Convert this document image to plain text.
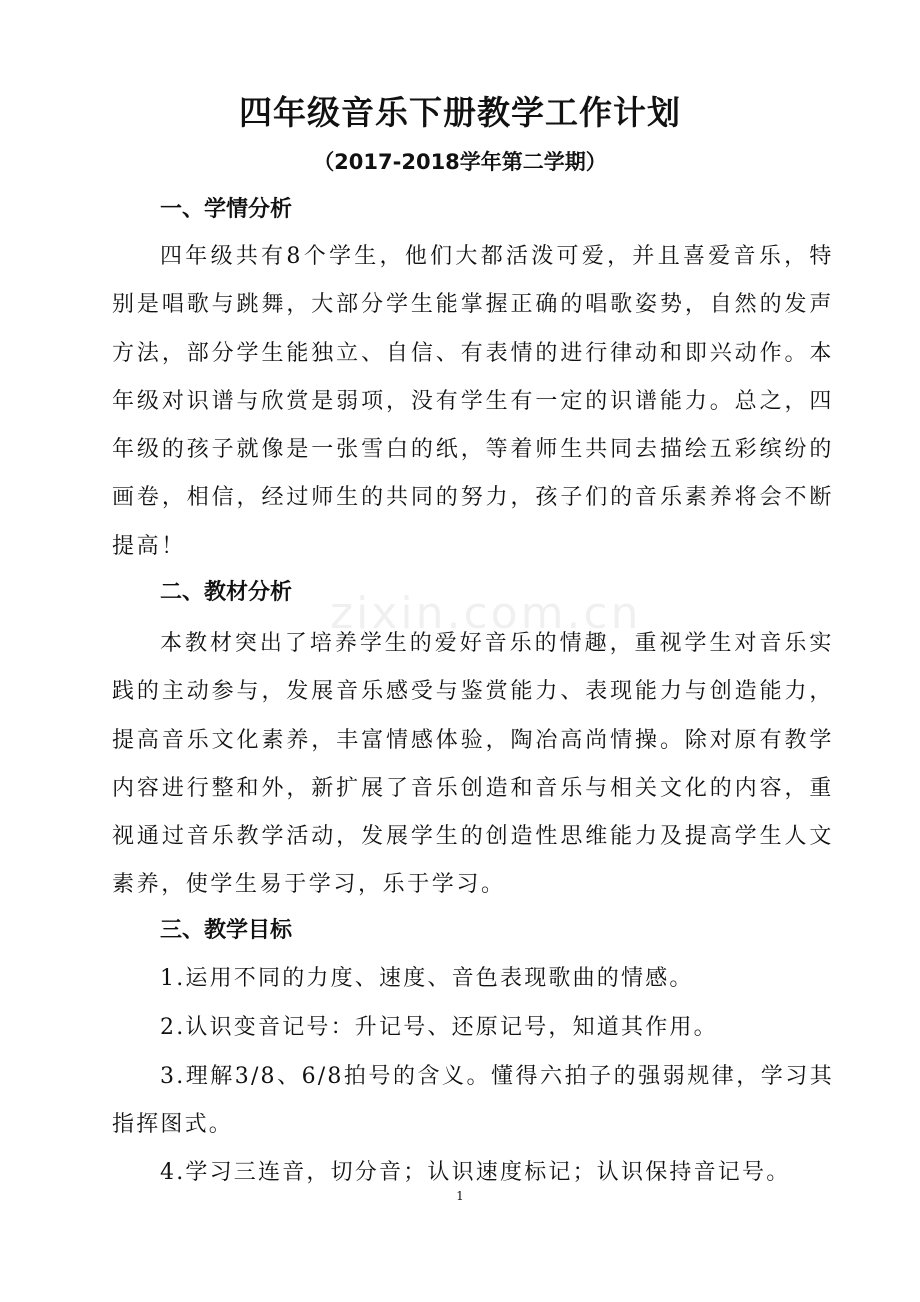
zixin.com.cn
四年级音乐下册教学工作计划
（2017-2018学年第二学期）
一、学情分析

四年级共有8个学生，他们大都活泼可爱，并且喜爱音乐，特别是唱歌与跳舞，大部分学生能掌握正确的唱歌姿势，自然的发声方法，部分学生能独立、自信、有表情的进行律动和即兴动作。本年级对识谱与欣赏是弱项，没有学生有一定的识谱能力。总之，四年级的孩子就像是一张雪白的纸，等着师生共同去描绘五彩缤纷的画卷，相信，经过师生的共同的努力，孩子们的音乐素养将会不断提高！

二、教材分析

本教材突出了培养学生的爱好音乐的情趣，重视学生对音乐实践的主动参与，发展音乐感受与鉴赏能力、表现能力与创造能力，提高音乐文化素养，丰富情感体验，陶冶高尚情操。除对原有教学内容进行整和外，新扩展了音乐创造和音乐与相关文化的内容，重视通过音乐教学活动，发展学生的创造性思维能力及提高学生人文素养，使学生易于学习，乐于学习。

三、教学目标

1.运用不同的力度、速度、音色表现歌曲的情感。

2.认识变音记号：升记号、还原记号，知道其作用。

3.理解3/8、6/8拍号的含义。懂得六拍子的强弱规律，学习其指挥图式。

4.学习三连音，切分音；认识速度标记；认识保持音记号。

1
